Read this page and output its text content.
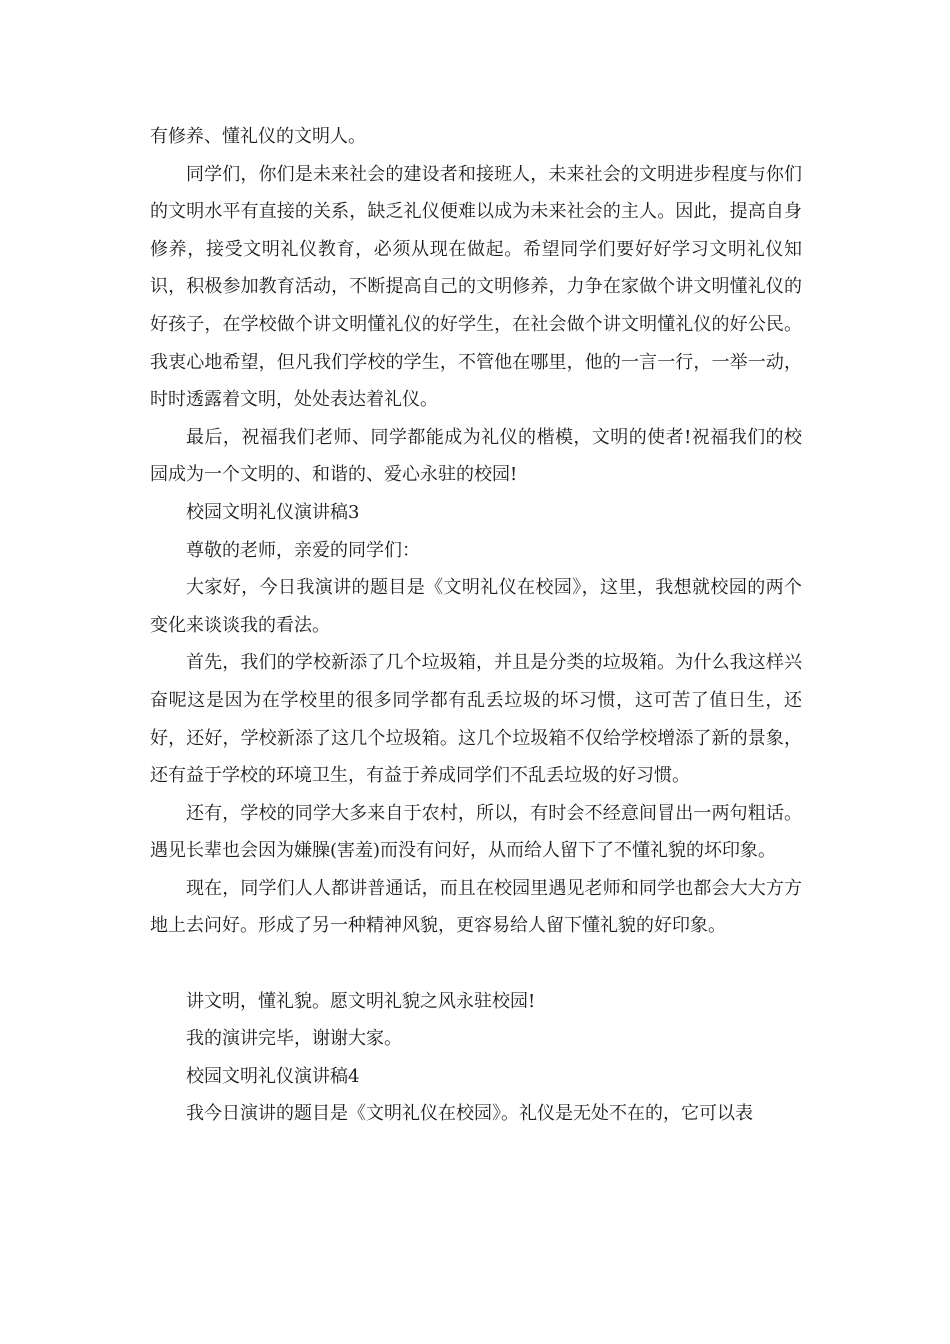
有修养、懂礼仪的文明人。

同学们，你们是未来社会的建设者和接班人，未来社会的文明进步程度与你们的文明水平有直接的关系，缺乏礼仪便难以成为未来社会的主人。因此，提高自身修养，接受文明礼仪教育，必须从现在做起。希望同学们要好好学习文明礼仪知识，积极参加教育活动，不断提高自己的文明修养，力争在家做个讲文明懂礼仪的好孩子，在学校做个讲文明懂礼仪的好学生，在社会做个讲文明懂礼仪的好公民。我衷心地希望，但凡我们学校的学生，不管他在哪里，他的一言一行，一举一动，时时透露着文明，处处表达着礼仪。

最后，祝福我们老师、同学都能成为礼仪的楷模，文明的使者!祝福我们的校园成为一个文明的、和谐的、爱心永驻的校园!

校园文明礼仪演讲稿3

尊敬的老师，亲爱的同学们：

大家好，今日我演讲的题目是《文明礼仪在校园》，这里，我想就校园的两个变化来谈谈我的看法。

首先，我们的学校新添了几个垃圾箱，并且是分类的垃圾箱。为什么我这样兴奋呢这是因为在学校里的很多同学都有乱丢垃圾的坏习惯，这可苦了值日生，还好，还好，学校新添了这几个垃圾箱。这几个垃圾箱不仅给学校增添了新的景象，还有益于学校的环境卫生，有益于养成同学们不乱丢垃圾的好习惯。

还有，学校的同学大多来自于农村，所以，有时会不经意间冒出一两句粗话。遇见长辈也会因为嫌臊(害羞)而没有问好，从而给人留下了不懂礼貌的坏印象。

现在，同学们人人都讲普通话，而且在校园里遇见老师和同学也都会大大方方地上去问好。形成了另一种精神风貌，更容易给人留下懂礼貌的好印象。

讲文明，懂礼貌。愿文明礼貌之风永驻校园!

我的演讲完毕，谢谢大家。

校园文明礼仪演讲稿4

我今日演讲的题目是《文明礼仪在校园》。礼仪是无处不在的，它可以表
